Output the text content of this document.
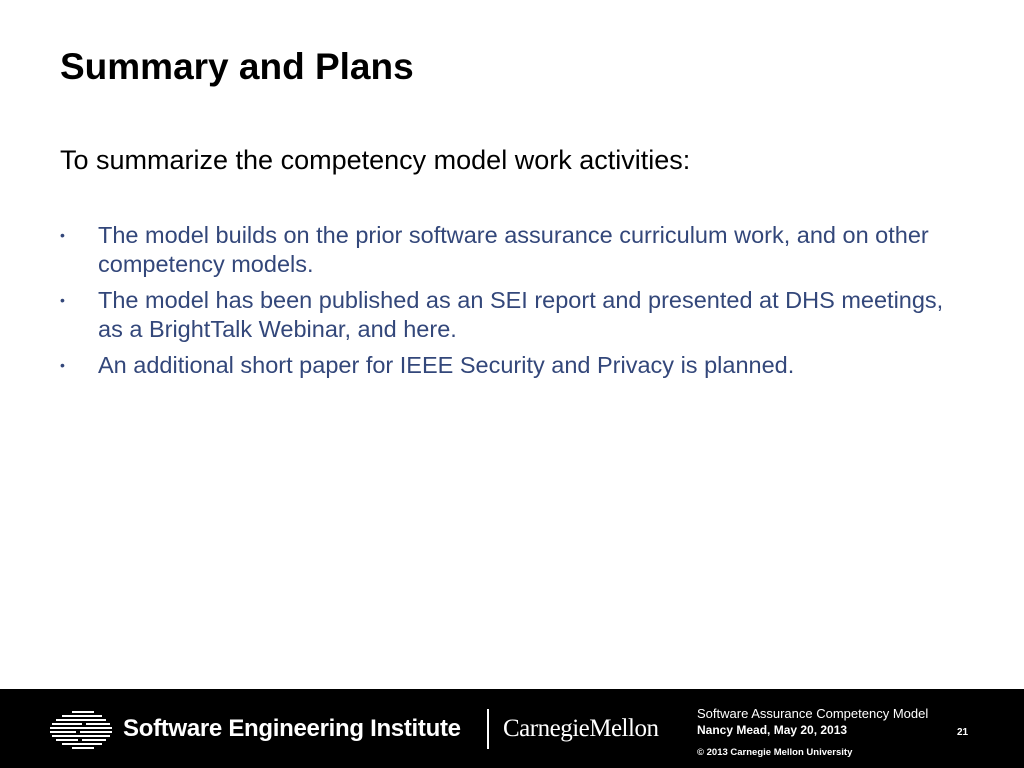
Summary and Plans

To summarize the competency model work activities:

• The model builds on the prior software assurance curriculum work, and on other competency models.
• The model has been published as an SEI report and presented at DHS meetings, as a BrightTalk Webinar, and here.
• An additional short paper for IEEE Security and Privacy is planned.
Software Engineering Institute CarnegieMellon
Software Assurance Competency Model
Nancy Mead, May 20, 2013
© 2013 Carnegie Mellon University
21
